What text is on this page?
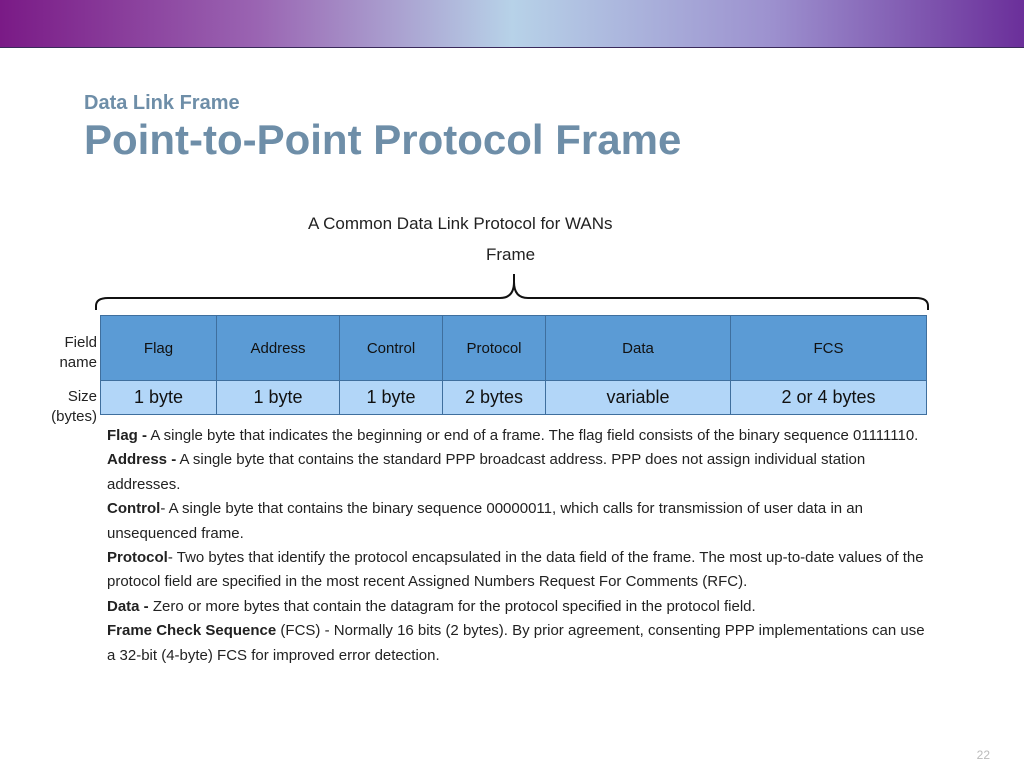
Data Link Frame
Point-to-Point Protocol Frame
A Common Data Link Protocol for WANs
Frame
Field
name
Size
(bytes)
Flag	Address	Control	Protocol	Data	FCS
1 byte	1 byte	1 byte	2 bytes	variable	2 or 4 bytes

Flag - A single byte that indicates the beginning or end of a frame. The flag field consists of the binary sequence 01111110.

Address - A single byte that contains the standard PPP broadcast address. PPP does not assign individual station addresses.

Control- A single byte that contains the binary sequence 00000011, which calls for transmission of user data in an unsequenced frame.

Protocol- Two bytes that identify the protocol encapsulated in the data field of the frame. The most up-to-date values of the protocol field are specified in the most recent Assigned Numbers Request For Comments (RFC).

Data - Zero or more bytes that contain the datagram for the protocol specified in the protocol field.

Frame Check Sequence (FCS) - Normally 16 bits (2 bytes). By prior agreement, consenting PPP implementations can use a 32-bit (4-byte) FCS for improved error detection.

22
